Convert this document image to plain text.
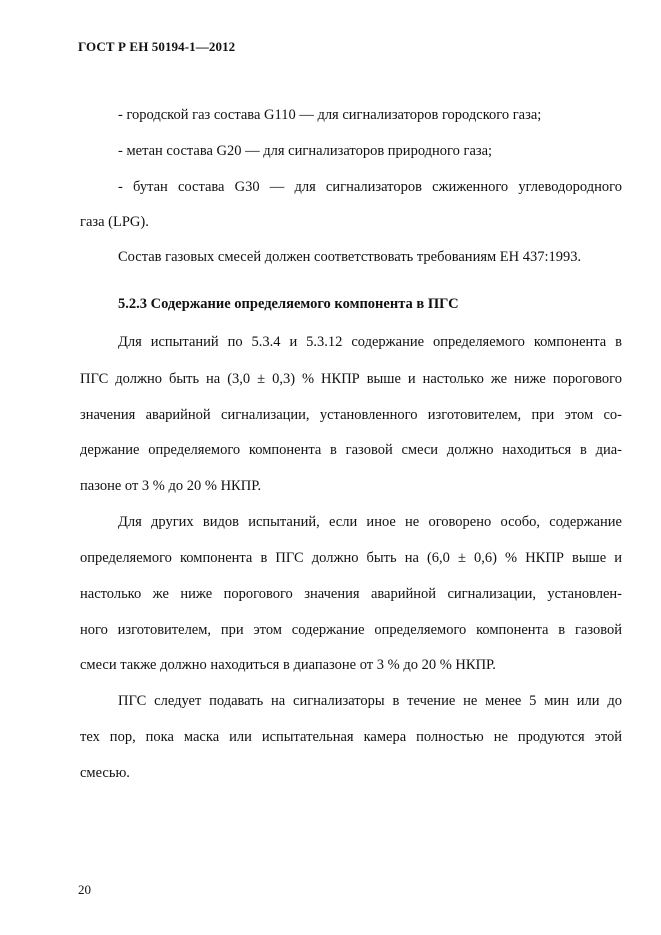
ГОСТ Р ЕН 50194-1—2012
- городской газ состава G110 — для сигнализаторов городского газа;
- метан состава G20 — для сигнализаторов природного газа;
- бутан состава G30 — для сигнализаторов сжиженного углеводородного
газа (LPG).
Состав газовых смесей должен соответствовать требованиям ЕН 437:1993.
5.2.3 Содержание определяемого компонента в ПГС
Для испытаний по 5.3.4 и 5.3.12 содержание определяемого компонента в
ПГС должно быть на (3,0 ± 0,3) % НКПР выше и настолько же ниже порогового
значения аварийной сигнализации, установленного изготовителем, при этом со-
держание определяемого компонента в газовой смеси должно находиться в диа-
пазоне от 3 % до 20 % НКПР.
Для других видов испытаний, если иное не оговорено особо, содержание
определяемого компонента в ПГС должно быть на (6,0 ± 0,6) % НКПР выше и
настолько же ниже порогового значения аварийной сигнализации, установлен-
ного изготовителем, при этом содержание определяемого компонента в газовой
смеси также должно находиться в диапазоне от 3 % до 20 % НКПР.
ПГС следует подавать на сигнализаторы в течение не менее 5 мин или до
тех пор, пока маска или испытательная камера полностью не продуются этой
смесью.
20
